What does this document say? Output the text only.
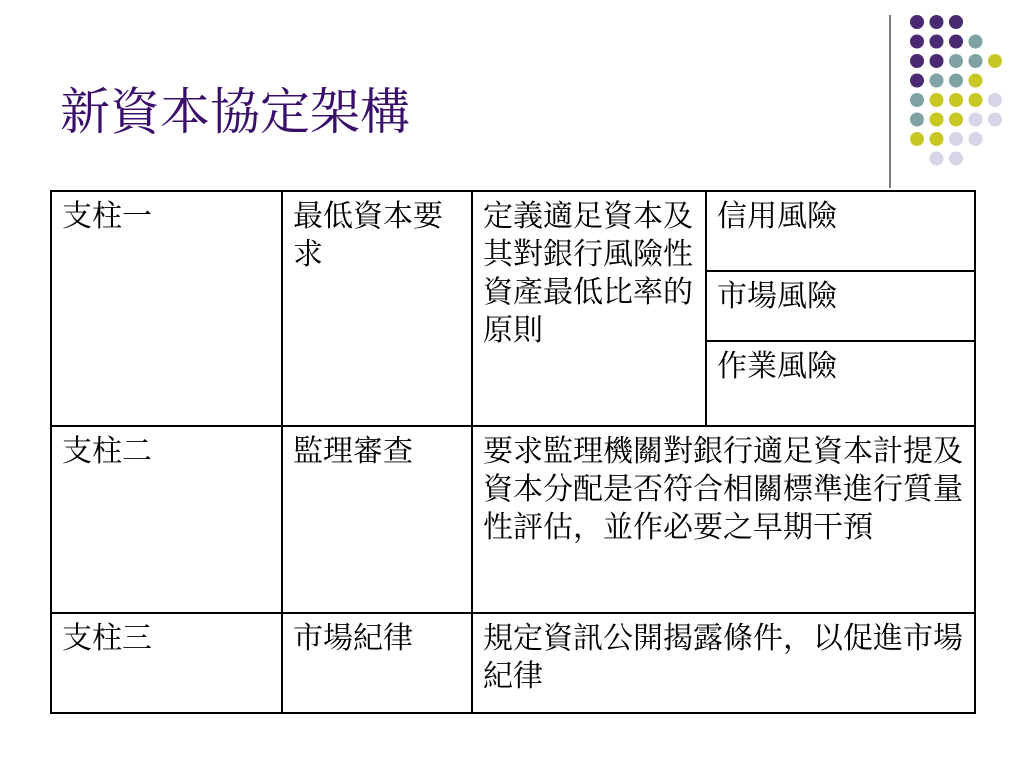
新資本協定架構
支柱一	最低資本要求	定義適足資本及其對銀行風險性資產最低比率的原則	信用風險
			市場風險
			作業風險
支柱二	監理審查	要求監理機關對銀行適足資本計提及資本分配是否符合相關標準進行質量性評估，並作必要之早期干預	
支柱三	市場紀律	規定資訊公開揭露條件，以促進市場紀律	
